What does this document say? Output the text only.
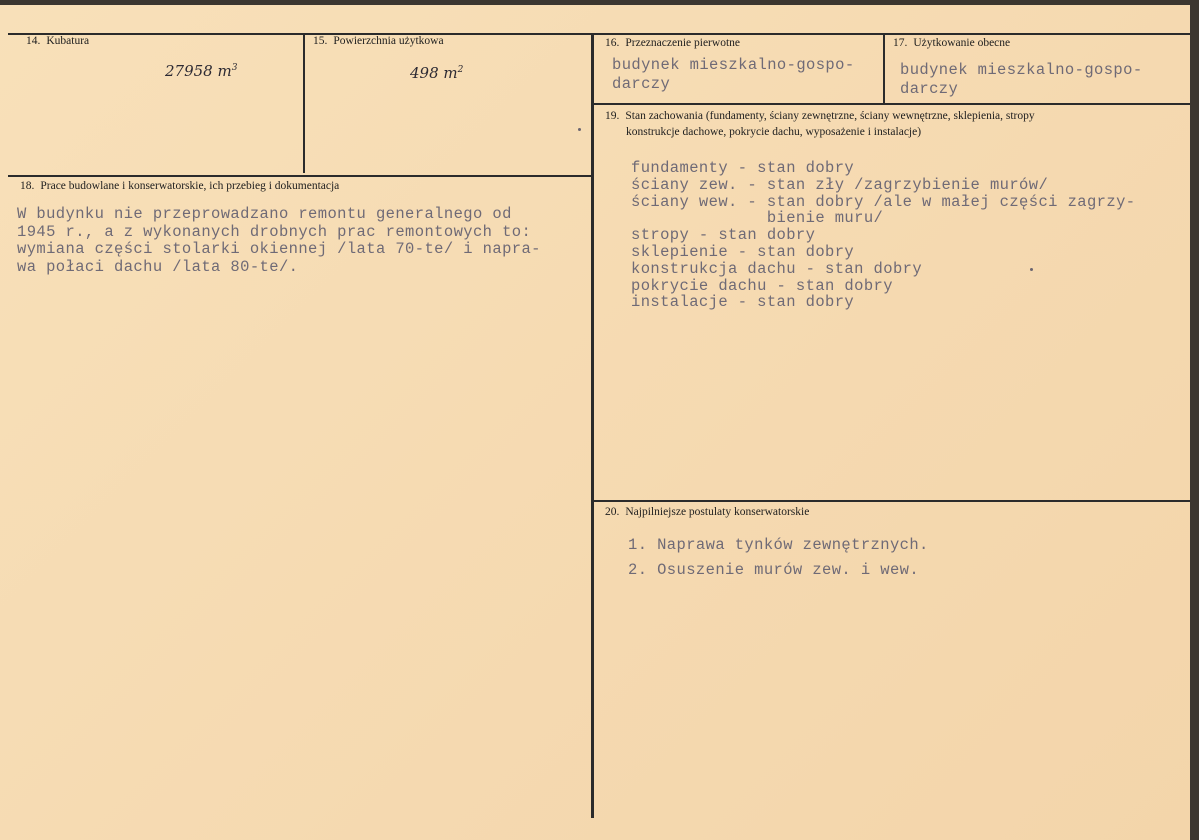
14. Kubatura
27958 $m^3$
15. Powierzchnia użytkowa
498 $m^2$
16. Przeznaczenie pierwotne
budynek mieszkalno-gospo-
darczy
17. Użytkowanie obecne
budynek mieszkalno-gospo-
darczy
18. Prace budowlane i konserwatorskie, ich przebieg i dokumentacja
W budynku nie przeprowadzano remontu generalnego od
1945 r., a z wykonanych drobnych prac remontowych to:
wymiana części stolarki okiennej /lata 70-te/ i napra-
wa połaci dachu /lata 80-te/.
19. Stan zachowania (fundamenty, ściany zewnętrzne, ściany wewnętrzne, sklepienia, stropy
konstrukcje dachowe, pokrycie dachu, wyposażenie i instalacje)
fundamenty - stan dobry
ściany zew. - stan zły /zagrzybienie murów/
ściany wew. - stan dobry /ale w małej części zagrzy-
bienie muru/
stropy - stan dobry
sklepienie - stan dobry
konstrukcja dachu - stan dobry
pokrycie dachu - stan dobry
instalacje - stan dobry
20. Najpilniejsze postulaty konserwatorskie
1. Naprawa tynków zewnętrznych.
2. Osuszenie murów zew. i wew.
